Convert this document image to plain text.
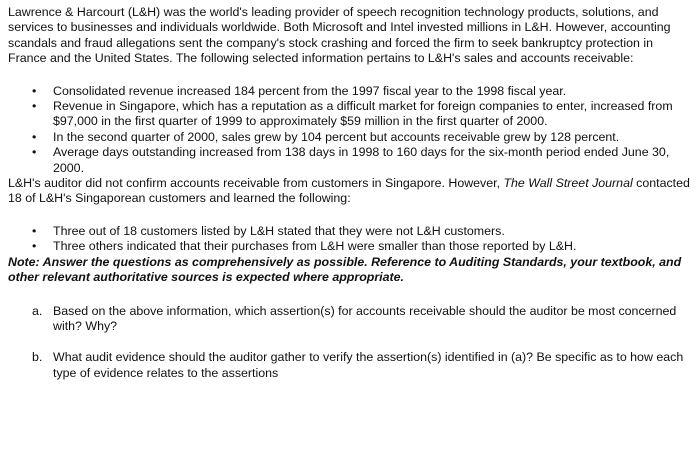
Lawrence & Harcourt (L&H) was the world's leading provider of speech recognition technology products, solutions, and services to businesses and individuals worldwide. Both Microsoft and Intel invested millions in L&H. However, accounting scandals and fraud allegations sent the company's stock crashing and forced the firm to seek bankruptcy protection in France and the United States. The following selected information pertains to L&H's sales and accounts receivable:

• Consolidated revenue increased 184 percent from the 1997 fiscal year to the 1998 fiscal year.
• Revenue in Singapore, which has a reputation as a difficult market for foreign companies to enter, increased from $97,000 in the first quarter of 1999 to approximately $59 million in the first quarter of 2000.
• In the second quarter of 2000, sales grew by 104 percent but accounts receivable grew by 128 percent.
• Average days outstanding increased from 138 days in 1998 to 160 days for the six-month period ended June 30, 2000.

L&H's auditor did not confirm accounts receivable from customers in Singapore. However, The Wall Street Journal contacted 18 of L&H's Singaporean customers and learned the following:

• Three out of 18 customers listed by L&H stated that they were not L&H customers.
• Three others indicated that their purchases from L&H were smaller than those reported by L&H.

Note: Answer the questions as comprehensively as possible. Reference to Auditing Standards, your textbook, and other relevant authoritative sources is expected where appropriate.

a. Based on the above information, which assertion(s) for accounts receivable should the auditor be most concerned with? Why?
b. What audit evidence should the auditor gather to verify the assertion(s) identified in (a)? Be specific as to how each type of evidence relates to the assertions
